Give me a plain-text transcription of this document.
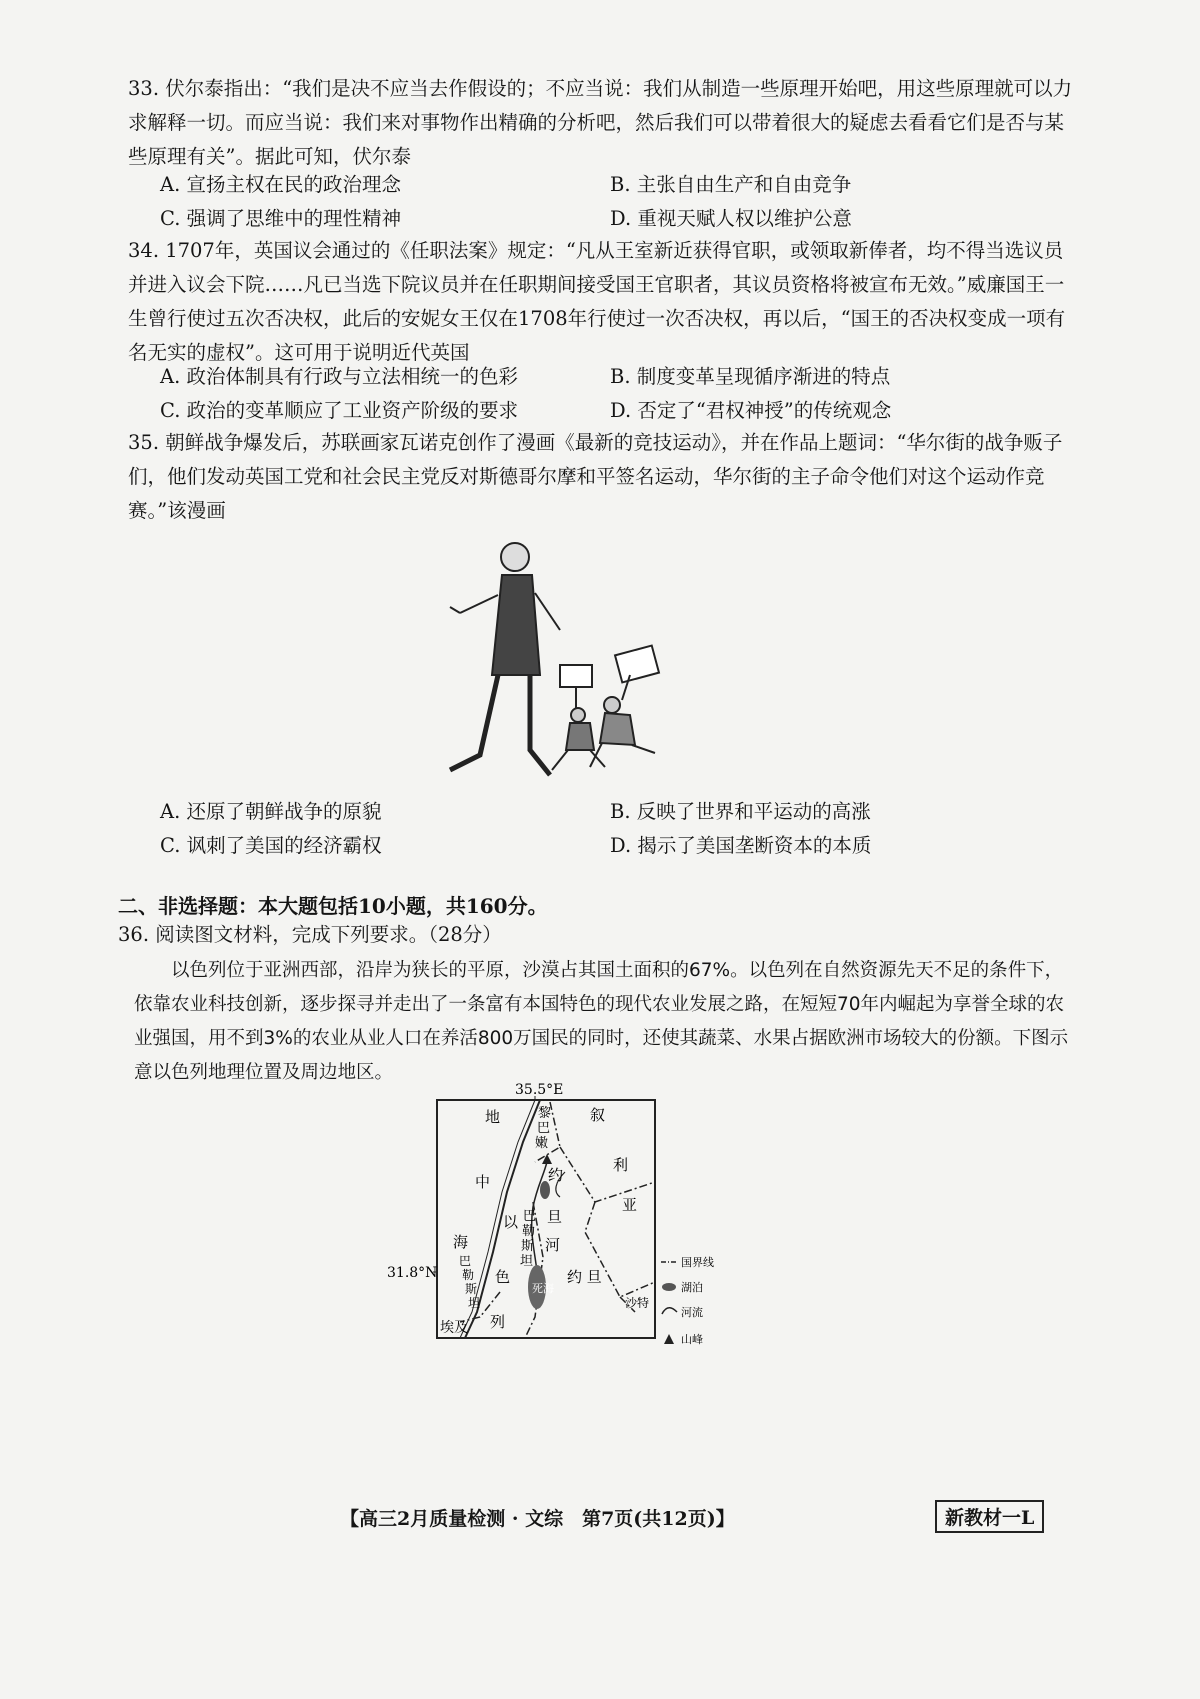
33. 伏尔泰指出：“我们是决不应当去作假设的；不应当说：我们从制造一些原理开始吧，用这些原理就可以力求解释一切。而应当说：我们来对事物作出精确的分析吧，然后我们可以带着很大的疑虑去看看它们是否与某些原理有关”。据此可知，伏尔泰

A. 宣扬主权在民的政治理念	B. 主张自由生产和自由竞争
C. 强调了思维中的理性精神	D. 重视天赋人权以维护公意

34. 1707年，英国议会通过的《任职法案》规定：“凡从王室新近获得官职，或领取新俸者，均不得当选议员并进入议会下院……凡已当选下院议员并在任职期间接受国王官职者，其议员资格将被宣布无效。”威廉国王一生曾行使过五次否决权，此后的安妮女王仅在1708年行使过一次否决权，再以后，“国王的否决权变成一项有名无实的虚权”。这可用于说明近代英国

A. 政治体制具有行政与立法相统一的色彩	B. 制度变革呈现循序渐进的特点
C. 政治的变革顺应了工业资产阶级的要求	D. 否定了“君权神授”的传统观念

35. 朝鲜战争爆发后，苏联画家瓦诺克创作了漫画《最新的竞技运动》，并在作品上题词：“华尔街的战争贩子们，他们发动英国工党和社会民主党反对斯德哥尔摩和平签名运动，华尔街的主子命令他们对这个运动作竞赛。”该漫画

A. 还原了朝鲜战争的原貌	B. 反映了世界和平运动的高涨
C. 讽刺了美国的经济霸权	D. 揭示了美国垄断资本的本质
二、非选择题：本大题包括10小题，共160分。

36. 阅读图文材料，完成下列要求。（28分）

以色列位于亚洲西部，沿岸为狭长的平原，沙漠占其国土面积的67%。以色列在自然资源先天不足的条件下，依靠农业科技创新，逐步探寻并走出了一条富有本国特色的现代农业发展之路，在短短70年内崛起为享誉全球的农业强国，用不到3%的农业从业人口在养活800万国民的同时，还使其蔬菜、水果占据欧洲市场较大的份额。下图示意以色列地理位置及周边地区。

35.5°E
31.8°N
死海
地
中
海
黎
巴
嫩
叙
利
亚
约
旦
河
以
色
列
巴
勒
斯
坦
巴
勒
斯
坦
约 旦
埃及
沙特
国界线
湖泊
河流
山峰
【高三2月质量检测 · 文综　第7页(共12页)】	新教材一L
